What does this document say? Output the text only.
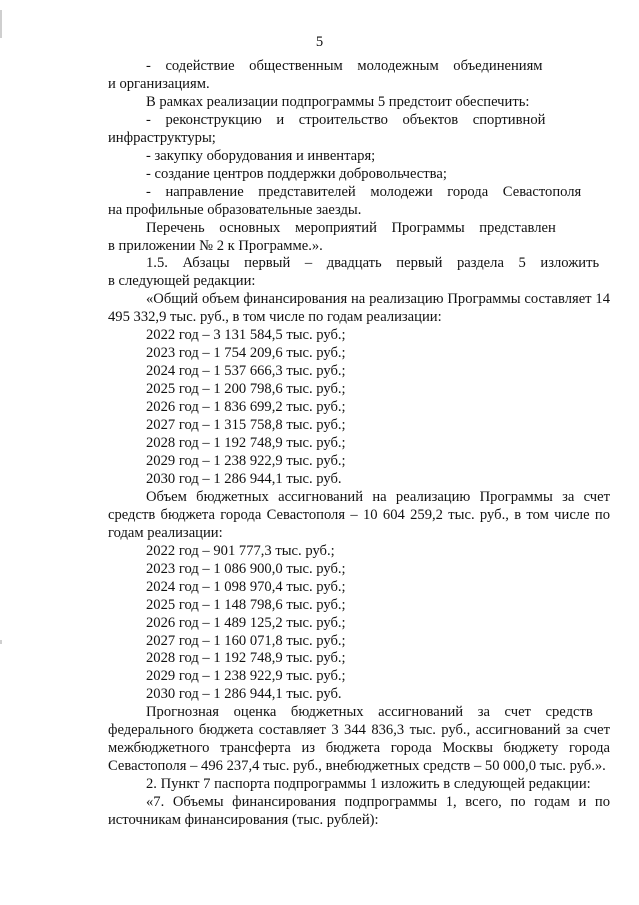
5

- содействие общественным молодежным объединениям

и организациям.

В рамках реализации подпрограммы 5 предстоит обеспечить:

- реконструкцию и строительство объектов спортивной

инфраструктуры;

- закупку оборудования и инвентаря;

- создание центров поддержки добровольчества;

- направление представителей молодежи города Севастополя

на профильные образовательные заезды.

Перечень основных мероприятий Программы представлен

в приложении № 2 к Программе.».

1.5. Абзацы первый – двадцать первый раздела 5 изложить

в следующей редакции:

«Общий объем финансирования на реализацию Программы составляет 14 495 332,9 тыс. руб., в том числе по годам реализации:

2022 год – 3 131 584,5 тыс. руб.;

2023 год – 1 754 209,6 тыс. руб.;

2024 год – 1 537 666,3 тыс. руб.;

2025 год – 1 200 798,6 тыс. руб.;

2026 год – 1 836 699,2 тыс. руб.;

2027 год – 1 315 758,8 тыс. руб.;

2028 год – 1 192 748,9 тыс. руб.;

2029 год – 1 238 922,9 тыс. руб.;

2030 год – 1 286 944,1 тыс. руб.

Объем бюджетных ассигнований на реализацию Программы за счет средств бюджета города Севастополя – 10 604 259,2 тыс. руб., в том числе по годам реализации:

2022 год – 901 777,3 тыс. руб.;

2023 год – 1 086 900,0 тыс. руб.;

2024 год – 1 098 970,4 тыс. руб.;

2025 год – 1 148 798,6 тыс. руб.;

2026 год – 1 489 125,2 тыс. руб.;

2027 год – 1 160 071,8 тыс. руб.;

2028 год – 1 192 748,9 тыс. руб.;

2029 год – 1 238 922,9 тыс. руб.;

2030 год – 1 286 944,1 тыс. руб.

Прогнозная оценка бюджетных ассигнований за счет средств федерального бюджета составляет 3 344 836,3 тыс. руб., ассигнований за счет межбюджетного трансферта из бюджета города Москвы бюджету города Севастополя – 496 237,4 тыс. руб., внебюджетных средств – 50 000,0 тыс. руб.».

2. Пункт 7 паспорта подпрограммы 1 изложить в следующей редакции:

«7. Объемы финансирования подпрограммы 1, всего, по годам и по источникам финансирования (тыс. рублей):
